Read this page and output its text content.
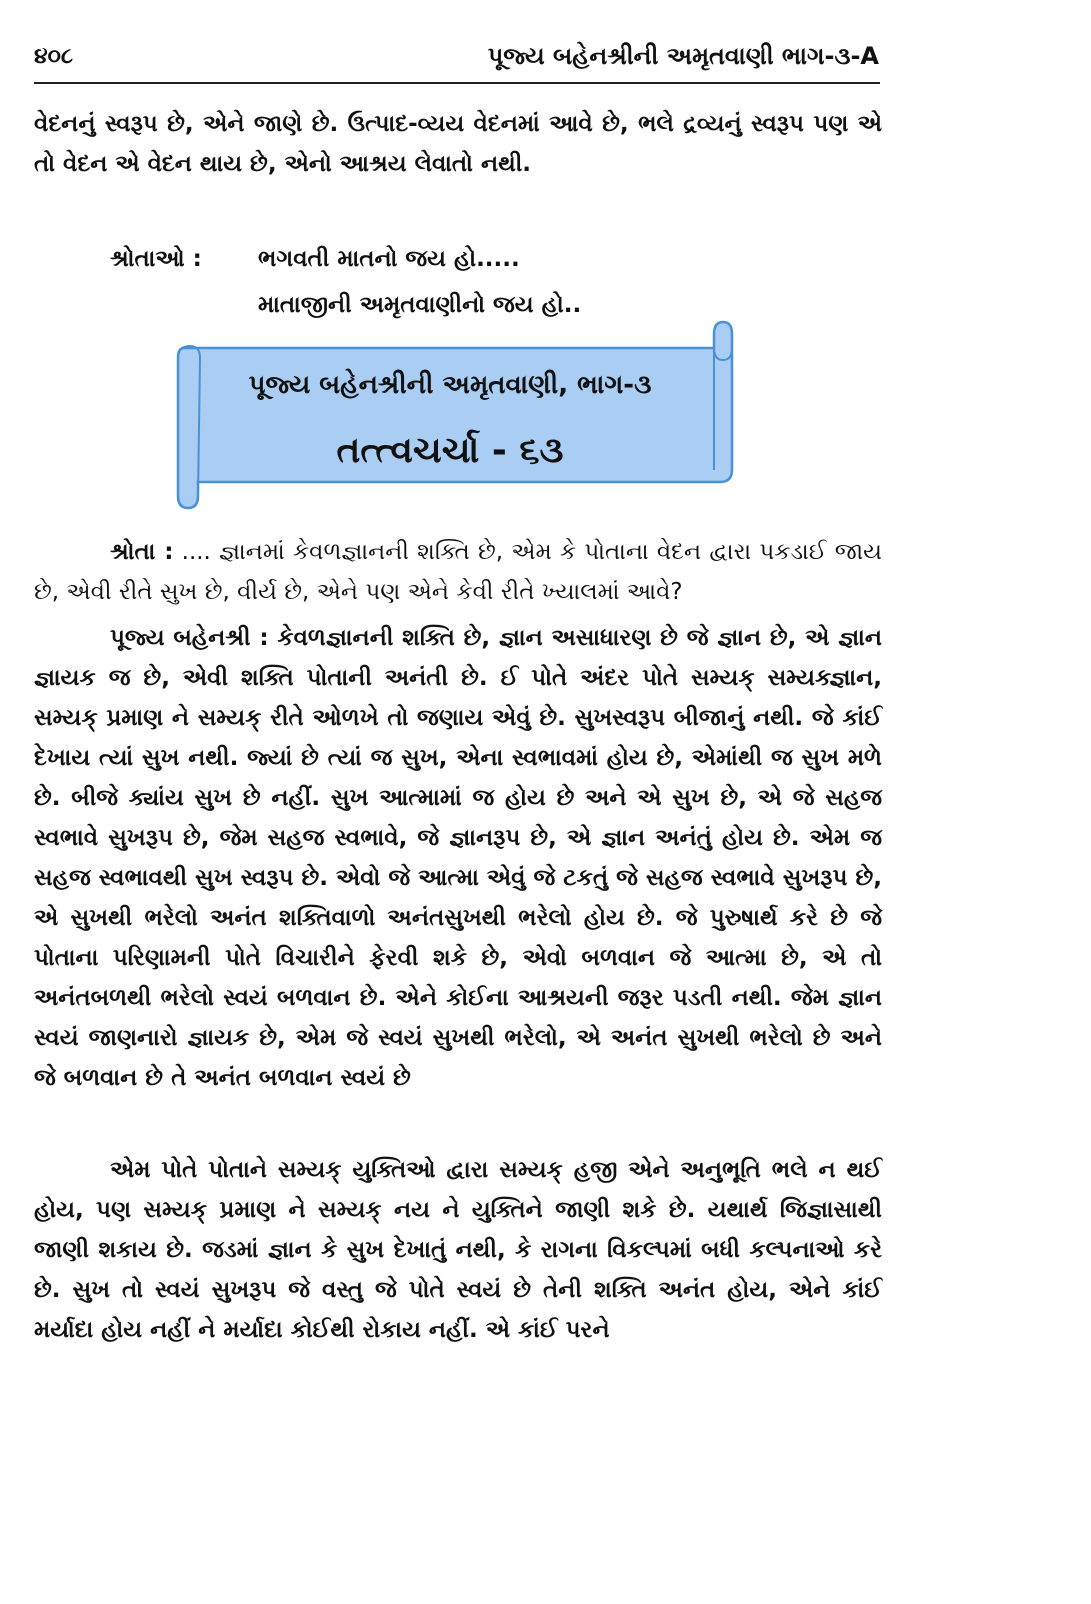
૪૦૮	પૂજ્ય બહેનશ્રીની અમૃતવાણી ભાગ-૩-A

વેદનનું સ્વરૂપ છે, એને જાણે છે. ઉત્પાદ-વ્યય વેદનમાં આવે છે, ભલે દ્રવ્યનું સ્વરૂપ પણ એ તો વેદન એ વેદન થાય છે, એનો આશ્રય લેવાતો નથી.

શ્રોતાઓ : ભગવતી માતનો જય હો.....
માતાજીની અમૃતવાણીનો જય હો..
પૂજ્ય બહેનશ્રીની અમૃતવાણી, ભાગ-૩
તત્ત્વચર્ચા - ૬૩

શ્રોતા : .... જ્ઞાનમાં કેવળજ્ઞાનની શક્તિ છે, એમ કે પોતાના વેદન દ્વારા પકડાઈ જાય છે, એવી રીતે સુખ છે, વીર્ય છે, એને પણ એને કેવી રીતે ખ્યાલમાં આવે?

પૂજ્ય બહેનશ્રી : કેવળજ્ઞાનની શક્તિ છે, જ્ઞાન અસાધારણ છે જે જ્ઞાન છે, એ જ્ઞાન જ્ઞાયક જ છે, એવી શક્તિ પોતાની અનંતી છે. ઈ પોતે અંદર પોતે સમ્યક્ સમ્યક્જ્ઞાન, સમ્યક્ પ્રમાણ ને સમ્યક્ રીતે ઓળખે તો જણાય એવું છે. સુખસ્વરૂપ બીજાનું નથી. જે કાંઈ દેખાય ત્યાં સુખ નથી. જ્યાં છે ત્યાં જ સુખ, એના સ્વભાવમાં હોય છે, એમાંથી જ સુખ મળે છે. બીજે ક્યાંય સુખ છે નહીં. સુખ આત્મામાં જ હોય છે અને એ સુખ છે, એ જે સહજ સ્વભાવે સુખરૂપ છે, જેમ સહજ સ્વભાવે, જે જ્ઞાનરૂપ છે, એ જ્ઞાન અનંતું હોય છે. એમ જ સહજ સ્વભાવથી સુખ સ્વરૂપ છે. એવો જે આત્મા એવું જે ટકતું જે સહજ સ્વભાવે સુખરૂપ છે, એ સુખથી ભરેલો અનંત શક્તિવાળો અનંતસુખથી ભરેલો હોય છે. જે પુરુષાર્થ કરે છે જે પોતાના પરિણામની પોતે વિચારીને ફેરવી શકે છે, એવો બળવાન જે આત્મા છે, એ તો અનંતબળથી ભરેલો સ્વયં બળવાન છે. એને કોઈના આશ્રયની જરૂર પડતી નથી. જેમ જ્ઞાન સ્વયં જાણનારો જ્ઞાયક છે, એમ જે સ્વયં સુખથી ભરેલો, એ અનંત સુખથી ભરેલો છે અને જે બળવાન છે તે અનંત બળવાન સ્વયં છે

એમ પોતે પોતાને સમ્યક્ યુક્તિઓ દ્વારા સમ્યક્ હજી એને અનુભૂતિ ભલે ન થઈ હોય, પણ સમ્યક્ પ્રમાણ ને સમ્યક્ નય ને યુક્તિને જાણી શકે છે. યથાર્થ જિજ્ઞાસાથી જાણી શકાય છે. જડમાં જ્ઞાન કે સુખ દેખાતું નથી, કે રાગના વિકલ્પમાં બધી કલ્પનાઓ કરે છે. સુખ તો સ્વયં સુખરૂપ જે વસ્તુ જે પોતે સ્વયં છે તેની શક્તિ અનંત હોય, એને કાંઈ મર્યાદા હોય નહીં ને મર્યાદા કોઈથી રોકાય નહીં. એ કાંઈ પરને
